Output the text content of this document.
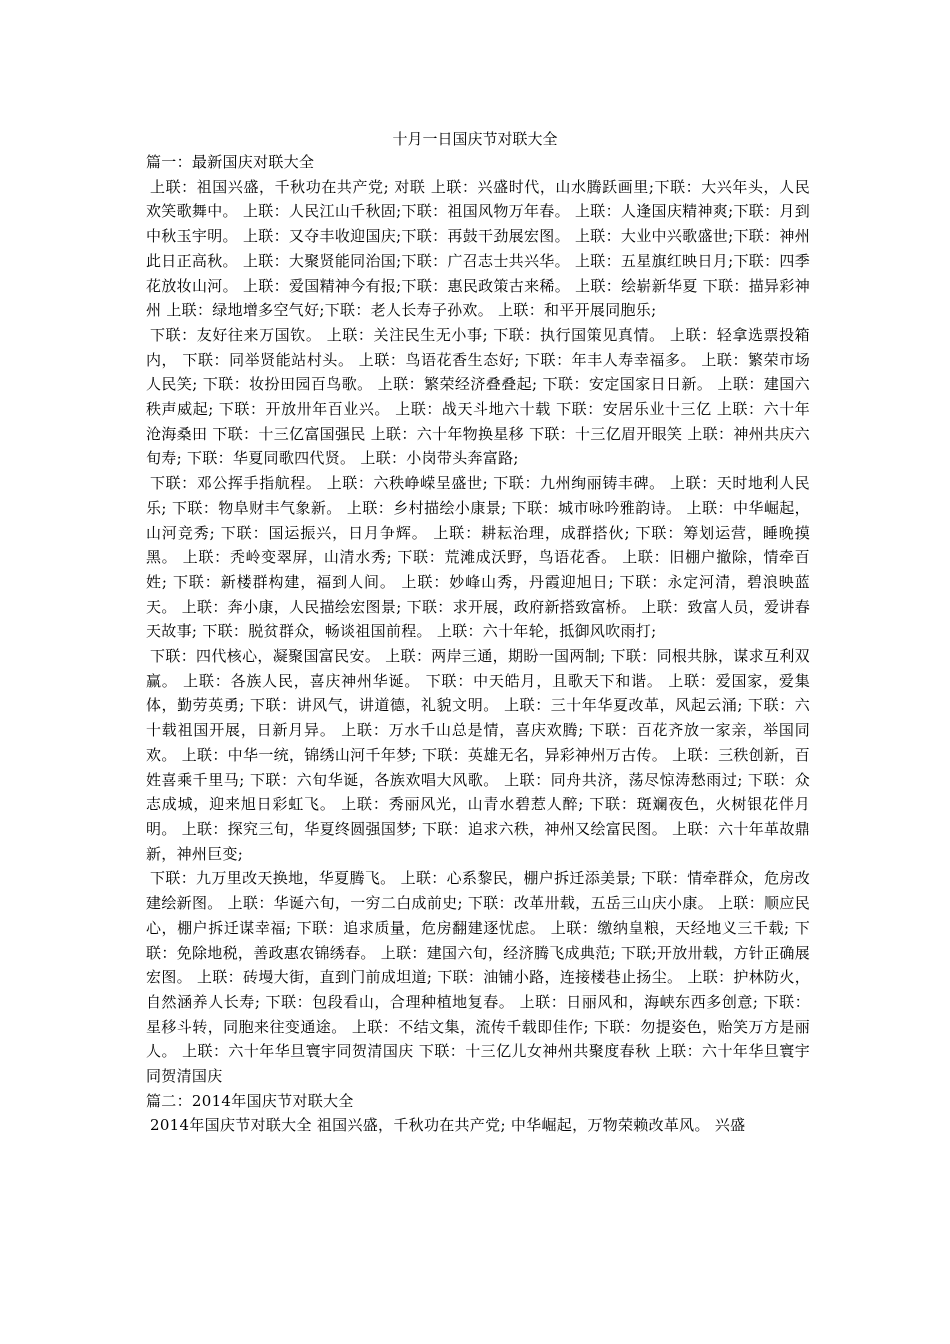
十月一日国庆节对联大全

篇一：最新国庆对联大全

上联：祖国兴盛，千秋功在共产党; 对联 上联：兴盛时代，山水腾跃画里;下联：大兴年头，人民欢笑歌舞中。 上联：人民江山千秋固;下联：祖国风物万年春。 上联：人逢国庆精神爽;下联：月到中秋玉宇明。 上联：又夺丰收迎国庆;下联：再鼓干劲展宏图。 上联：大业中兴歌盛世;下联：神州此日正高秋。 上联：大聚贤能同治国;下联：广召志士共兴华。 上联：五星旗红映日月;下联：四季花放妆山河。 上联：爱国精神今有报;下联：惠民政策古来稀。 上联：绘崭新华夏 下联：描异彩神州 上联：绿地增多空气好;下联：老人长寿子孙欢。 上联：和平开展同胞乐;

下联：友好往来万国钦。 上联：关注民生无小事; 下联：执行国策见真情。 上联：轻拿选票投箱内， 下联：同举贤能站村头。 上联：鸟语花香生态好; 下联：年丰人寿幸福多。 上联：繁荣市场人民笑; 下联：妆扮田园百鸟歌。 上联：繁荣经济叠叠起; 下联：安定国家日日新。 上联：建国六秩声威起; 下联：开放卅年百业兴。 上联：战天斗地六十载 下联：安居乐业十三亿 上联：六十年沧海桑田 下联：十三亿富国强民 上联：六十年物换星移 下联：十三亿眉开眼笑 上联：神州共庆六旬寿; 下联：华夏同歌四代贤。 上联：小岗带头奔富路;

下联：邓公挥手指航程。 上联：六秩峥嵘呈盛世; 下联：九州绚丽铸丰碑。 上联：天时地利人民乐; 下联：物阜财丰气象新。 上联：乡村描绘小康景; 下联：城市咏吟雅韵诗。 上联：中华崛起，山河竞秀; 下联：国运振兴，日月争辉。 上联：耕耘治理，成群搭伙; 下联：筹划运营，睡晚摸黑。 上联：秃岭变翠屏，山清水秀; 下联：荒滩成沃野，鸟语花香。 上联：旧棚户撤除，情牵百姓; 下联：新楼群构建，福到人间。 上联：妙峰山秀，丹霞迎旭日; 下联：永定河清，碧浪映蓝天。 上联：奔小康，人民描绘宏图景; 下联：求开展，政府新搭致富桥。 上联：致富人员，爱讲春天故事; 下联：脱贫群众，畅谈祖国前程。 上联：六十年轮，抵御风吹雨打;

下联：四代核心，凝聚国富民安。 上联：两岸三通，期盼一国两制; 下联：同根共脉，谋求互利双赢。 上联：各族人民，喜庆神州华诞。 下联：中天皓月，且歌天下和谐。 上联：爱国家，爱集体，勤劳英勇; 下联：讲风气，讲道德，礼貌文明。 上联：三十年华夏改革，风起云涌; 下联：六十载祖国开展，日新月异。 上联：万水千山总是情，喜庆欢腾; 下联：百花齐放一家亲，举国同欢。 上联：中华一统，锦绣山河千年梦; 下联：英雄无名，异彩神州万古传。 上联：三秩创新，百姓喜乘千里马; 下联：六旬华诞，各族欢唱大风歌。 上联：同舟共济，荡尽惊涛愁雨过; 下联：众志成城，迎来旭日彩虹飞。 上联：秀丽风光，山青水碧惹人醉; 下联：斑斓夜色，火树银花伴月明。 上联：探究三旬，华夏终圆强国梦; 下联：追求六秩，神州又绘富民图。 上联：六十年革故鼎新，神州巨变;

下联：九万里改天换地，华夏腾飞。 上联：心系黎民，棚户拆迁添美景; 下联：情牵群众，危房改建绘新图。 上联：华诞六旬，一穷二白成前史; 下联：改革卅载，五岳三山庆小康。 上联：顺应民心，棚户拆迁谋幸福; 下联：追求质量，危房翻建逐忧虑。 上联：缴纳皇粮，天经地义三千载; 下联：免除地税，善政惠农锦绣春。 上联：建国六旬，经济腾飞成典范; 下联;开放卅载，方针正确展宏图。 上联：砖墁大街，直到门前成坦道; 下联：油铺小路，连接楼巷止扬尘。 上联：护林防火，自然涵养人长寿; 下联：包段看山，合理种植地复春。 上联：日丽风和，海峡东西多创意; 下联：星移斗转，同胞来往变通途。 上联：不结文集，流传千载即佳作; 下联：勿提姿色，贻笑万方是丽人。 上联：六十年华旦寰宇同贺清国庆 下联：十三亿儿女神州共聚度春秋 上联：六十年华旦寰宇同贺清国庆

篇二：2014年国庆节对联大全

2014年国庆节对联大全 祖国兴盛，千秋功在共产党; 中华崛起，万物荣赖改革风。 兴盛
